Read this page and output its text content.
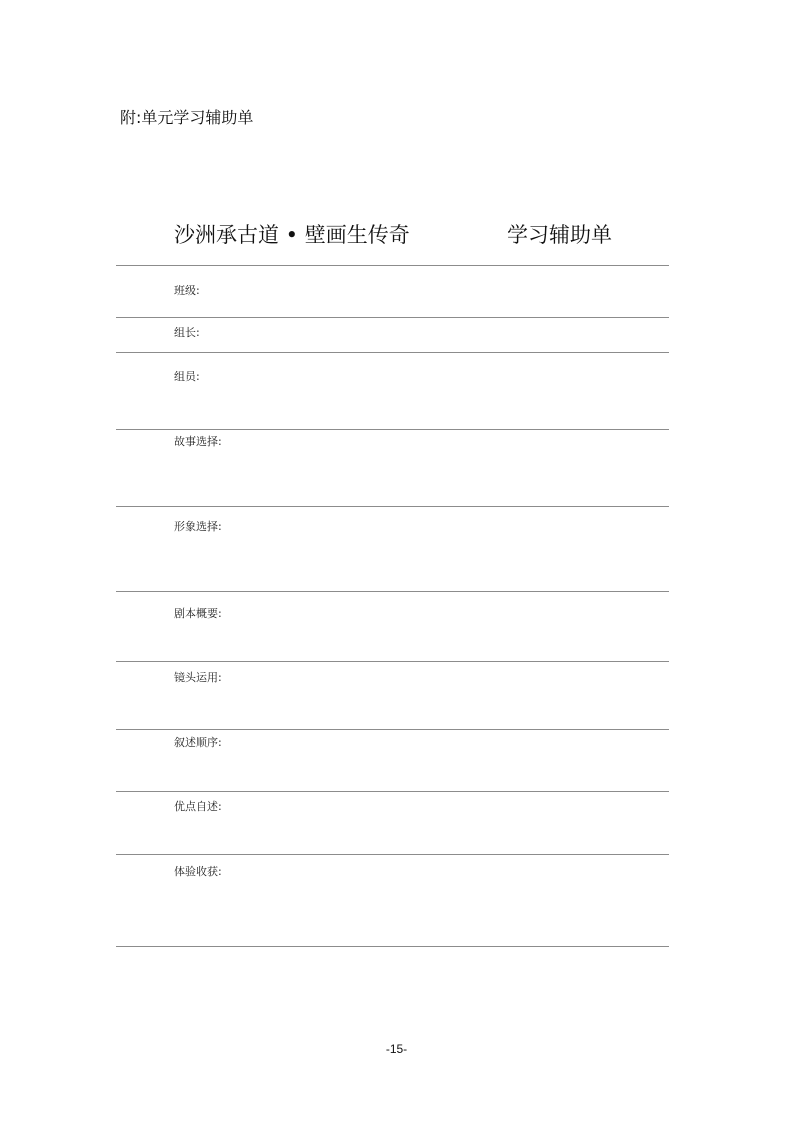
附:单元学习辅助单
沙洲承古道 • 壁画生传奇	学习辅助单
班级:
组长:
组员:
故事选择:
形象选择:
剧本概要:
镜头运用:
叙述顺序:
优点自述:
体验收获:
-15-
